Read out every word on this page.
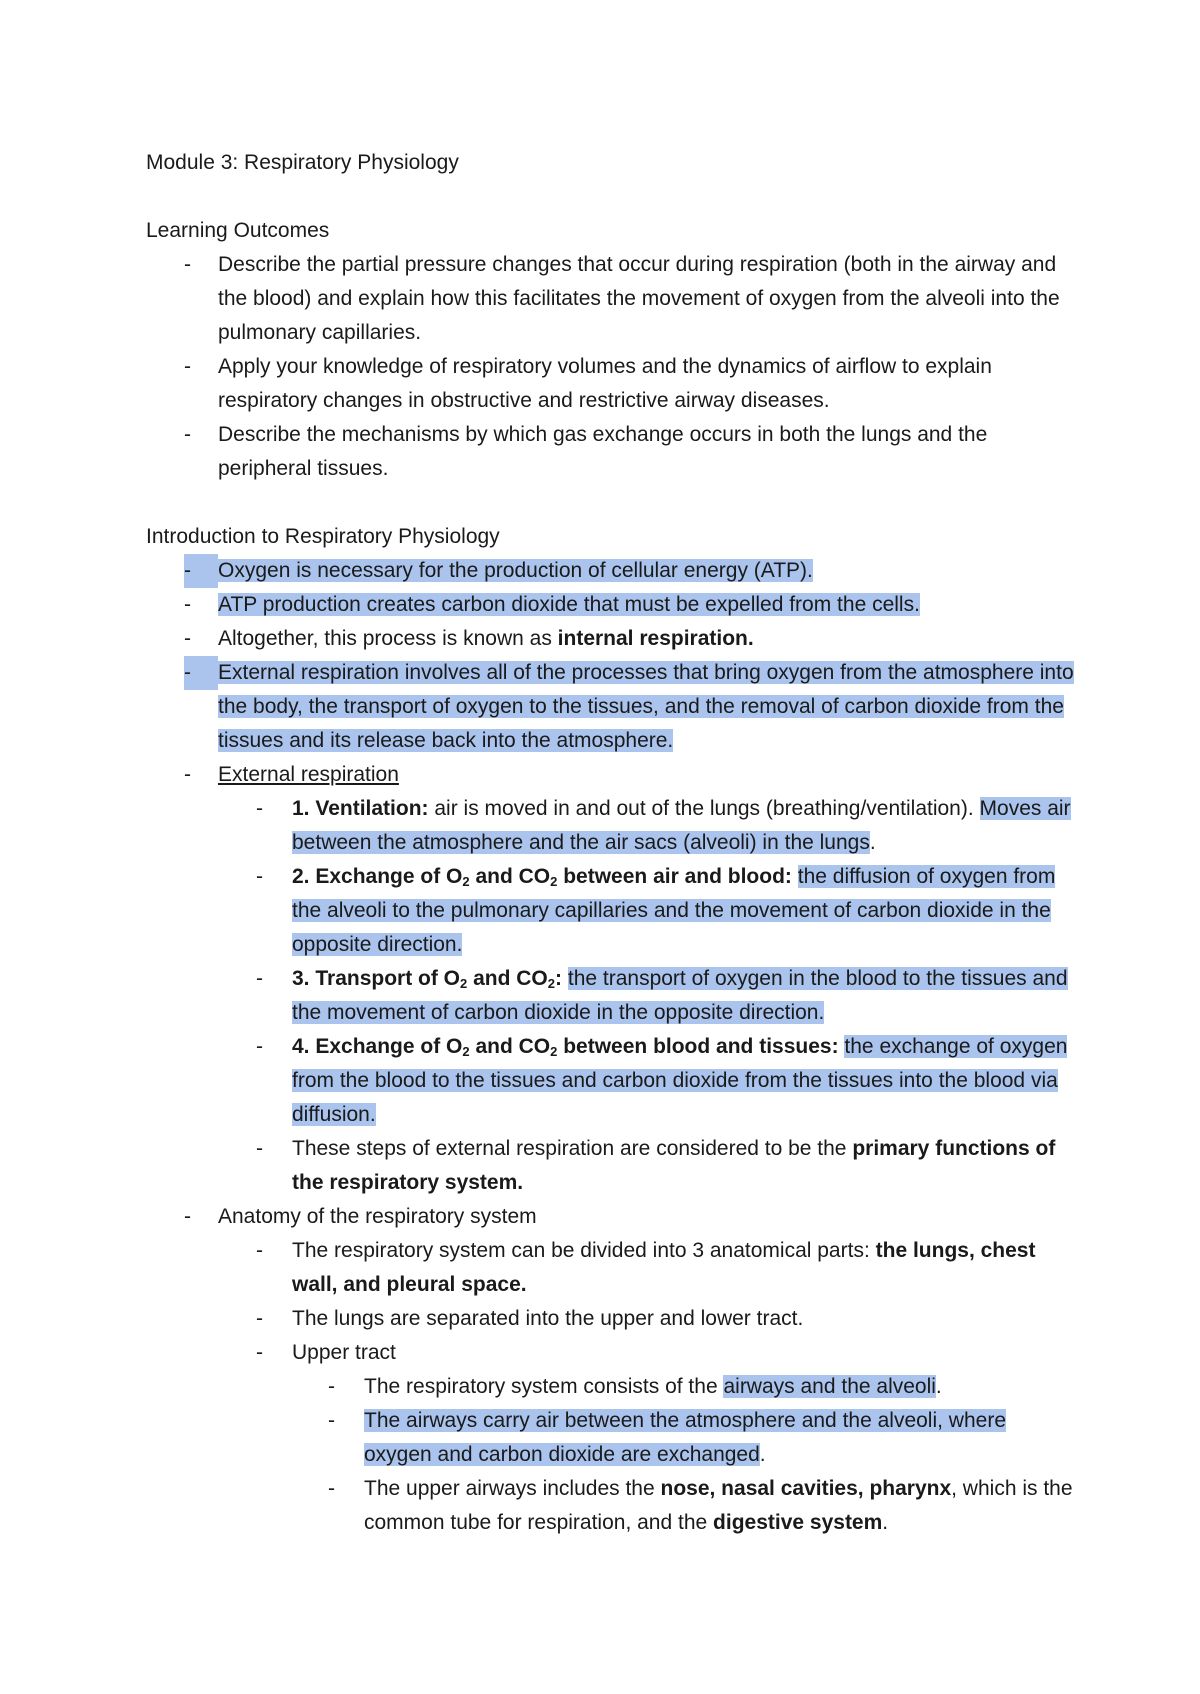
Module 3: Respiratory Physiology
Learning Outcomes
-	Describe the partial pressure changes that occur during respiration (both in the airway and the blood) and explain how this facilitates the movement of oxygen from the alveoli into the pulmonary capillaries.
-	Apply your knowledge of respiratory volumes and the dynamics of airflow to explain respiratory changes in obstructive and restrictive airway diseases.
-	Describe the mechanisms by which gas exchange occurs in both the lungs and the peripheral tissues.
Introduction to Respiratory Physiology
-	Oxygen is necessary for the production of cellular energy (ATP).
-	ATP production creates carbon dioxide that must be expelled from the cells.
-	Altogether, this process is known as internal respiration.
-	External respiration involves all of the processes that bring oxygen from the atmosphere into the body, the transport of oxygen to the tissues, and the removal of carbon dioxide from the tissues and its release back into the atmosphere.
-	External respiration
-	1. Ventilation: air is moved in and out of the lungs (breathing/ventilation). Moves air between the atmosphere and the air sacs (alveoli) in the lungs.
-	2. Exchange of $O_2$ and $CO_2$ between air and blood: the diffusion of oxygen from the alveoli to the pulmonary capillaries and the movement of carbon dioxide in the opposite direction.
-	3. Transport of $O_2$ and $CO_2$: the transport of oxygen in the blood to the tissues and the movement of carbon dioxide in the opposite direction.
-	4. Exchange of $O_2$ and $CO_2$ between blood and tissues: the exchange of oxygen from the blood to the tissues and carbon dioxide from the tissues into the blood via diffusion.
-	These steps of external respiration are considered to be the primary functions of the respiratory system.
-	Anatomy of the respiratory system
-	The respiratory system can be divided into 3 anatomical parts: the lungs, chest wall, and pleural space.
-	The lungs are separated into the upper and lower tract.
-	Upper tract
-	The respiratory system consists of the airways and the alveoli.
-	The airways carry air between the atmosphere and the alveoli, where oxygen and carbon dioxide are exchanged.
-	The upper airways includes the nose, nasal cavities, pharynx, which is the common tube for respiration, and the digestive system.
